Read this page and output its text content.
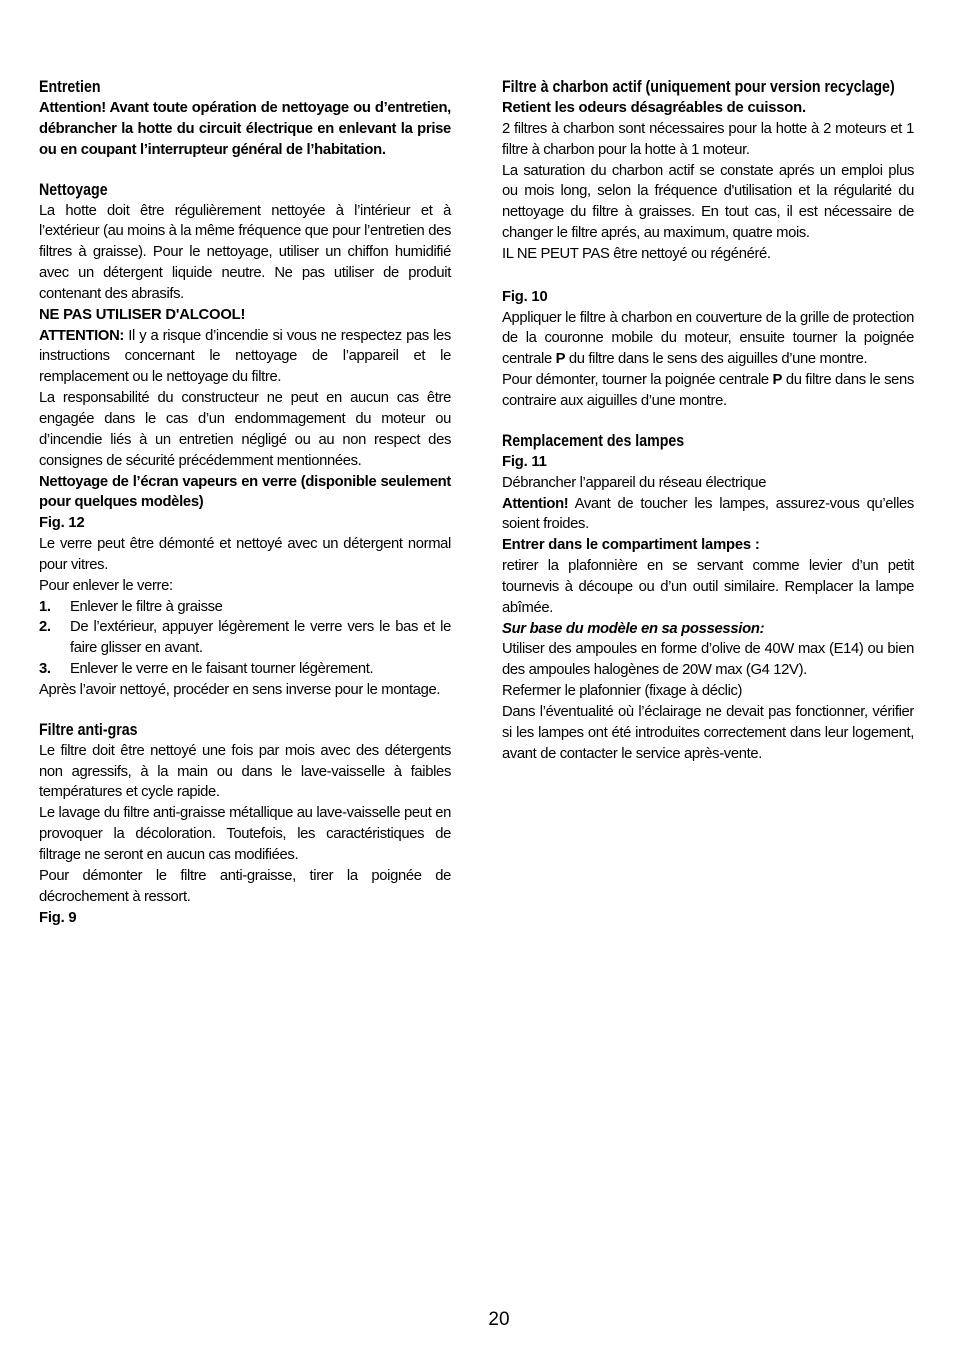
Entretien

Attention! Avant toute opération de nettoyage ou d’entretien, débrancher la hotte du circuit électrique en enlevant la prise ou en coupant l’interrupteur général de l’habitation.

Nettoyage

La hotte doit être régulièrement nettoyée à l’intérieur et à l’extérieur (au moins à la même fréquence que pour l’entretien des filtres à graisse). Pour le nettoyage, utiliser un chiffon humidifié avec un détergent liquide neutre. Ne pas utiliser de produit contenant des abrasifs.

NE PAS UTILISER D'ALCOOL!

ATTENTION: Il y a risque d’incendie si vous ne respectez pas les instructions concernant le nettoyage de l’appareil et le remplacement ou le nettoyage du filtre.

La responsabilité du constructeur ne peut en aucun cas être engagée dans le cas d’un endommagement du moteur ou d’incendie liés à un entretien négligé ou au non respect des consignes de sécurité précédemment mentionnées.

Nettoyage de l’écran vapeurs en verre (disponible seulement pour quelques modèles)

Fig. 12

Le verre peut être démonté et nettoyé avec un détergent normal pour vitres.

Pour enlever le verre:

1.	Enlever le filtre à graisse
2.	De l’extérieur, appuyer légèrement le verre vers le bas et le faire glisser en avant.
3.	Enlever le verre en le faisant tourner légèrement.

Après l’avoir nettoyé, procéder en sens inverse pour le montage.

Filtre anti-gras

Le filtre doit être nettoyé une fois par mois avec des détergents non agressifs, à la main ou dans le lave-vaisselle à faibles températures et cycle rapide.

Le lavage du filtre anti-graisse métallique au lave-vaisselle peut en provoquer la décoloration. Toutefois, les caractéristiques de filtrage ne seront en aucun cas modifiées.

Pour démonter le filtre anti-graisse, tirer la poignée de décrochement à ressort.

Fig. 9

Filtre à charbon actif (uniquement pour version recyclage)

Retient les odeurs désagréables de cuisson.

2 filtres à charbon sont nécessaires pour la hotte à 2 moteurs et 1 filtre à charbon pour la hotte à 1 moteur.

La saturation du charbon actif se constate aprés un emploi plus ou mois long, selon la fréquence d'utilisation et la régularité du nettoyage du filtre à graisses. En tout cas, il est nécessaire de changer le filtre aprés, au maximum, quatre mois.

IL NE PEUT PAS être nettoyé ou régénéré.

Fig. 10

Appliquer le filtre à charbon en couverture de la grille de protection de la couronne mobile du moteur, ensuite tourner la poignée centrale P du filtre dans le sens des aiguilles d’une montre.

Pour démonter, tourner la poignée centrale P du filtre dans le sens contraire aux aiguilles d’une montre.

Remplacement des lampes

Fig. 11

Débrancher l’appareil du réseau électrique

Attention! Avant de toucher les lampes, assurez-vous qu’elles soient froides.

Entrer dans le compartiment lampes :

retirer la plafonnière en se servant comme levier d’un petit tournevis à découpe ou d’un outil similaire. Remplacer la lampe abîmée.

Sur base du modèle en sa possession:

Utiliser des ampoules en forme d’olive de 40W max (E14) ou bien des ampoules halogènes de 20W max (G4 12V).

Refermer le plafonnier (fixage à déclic)

Dans l’éventualité où l’éclairage ne devait pas fonctionner, vérifier si les lampes ont été introduites correctement dans leur logement, avant de contacter le service après-vente.

20
